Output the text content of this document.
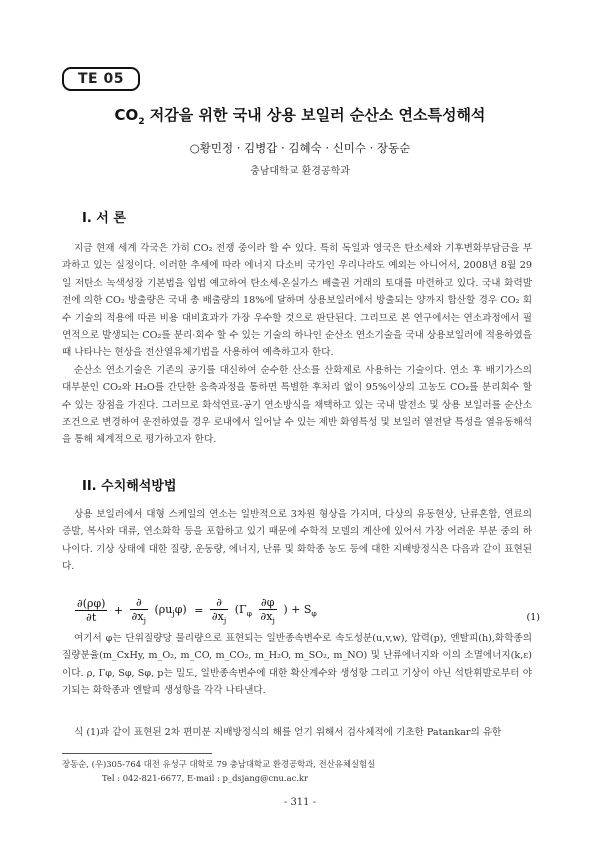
TE 05
$CO_2$ 저감을 위한 국내 상용 보일러 순산소 연소특성해석
○황민정 · 김병갑 · 김혜숙 · 신미수 · 장동순
충남대학교 환경공학과
I. 서 론

지금 현재 세계 각국은 가히 CO₂ 전쟁 중이라 할 수 있다. 특히 독일과 영국은 탄소세와 기후변화부담금을 부과하고 있는 실정이다. 이러한 추세에 따라 에너지 다소비 국가인 우리나라도 예외는 아니어서, 2008년 8월 29일 저탄소 녹색성장 기본법을 입법 예고하여 탄소세·온실가스 배출권 거래의 토대를 마련하고 있다. 국내 화력발전에 의한 CO₂ 방출량은 국내 총 배출량의 18%에 달하며 상용보일러에서 방출되는 양까지 합산할 경우 CO₂ 회수 기술의 적용에 따른 비용 대비효과가 가장 우수할 것으로 판단된다. 그리므로 본 연구에서는 연소과정에서 필연적으로 발생되는 CO₂를 분리·회수 할 수 있는 기술의 하나인 순산소 연소기술을 국내 상용보일러에 적용하였을 때 나타나는 현상을 전산열유체기법을 사용하여 예측하고자 한다.

순산소 연소기술은 기존의 공기를 대신하여 순수한 산소를 산화제로 사용하는 기술이다. 연소 후 배기가스의 대부분인 CO₂와 H₂O를 간단한 응축과정을 통하면 특별한 후처리 없이 95%이상의 고농도 CO₂를 분리회수 할 수 있는 장점을 가진다. 그러므로 화석연료-공기 연소방식을 채택하고 있는 국내 발전소 및 상용 보일러를 순산소 조건으로 변경하여 운전하였을 경우 로내에서 일어날 수 있는 제반 화염특성 및 보일러 열전달 특성을 열유동해석을 통해 체계적으로 평가하고자 한다.

II. 수치해석방법

상용 보일러에서 대형 스케일의 연소는 일반적으로 3차원 형상을 가지며, 다상의 유동현상, 난류혼합, 연료의 증발, 복사와 대류, 연소화학 등을 포함하고 있기 때문에 수학적 모델의 계산에 있어서 가장 어려운 부분 중의 하나이다. 기상 상태에 대한 질량, 운동량, 에너지, 난류 및 화학종 농도 등에 대한 지배방정식은 다음과 같이 표현된다.

$\frac{\partial(\rho\varphi)}{\partial t} + \frac{\partial}{\partial x_j} (\rho u_j\varphi) = \frac{\partial}{\partial x_j} (\Gamma_\varphi \frac{\partial\varphi}{\partial x_j}$ ) + $S_\varphi$	(1)

여기서 φ는 단위질량당 물리량으로 표현되는 일반종속변수로 속도성분(u,v,w), 압력(p), 엔탈피(h),화학종의 질량분율(m_CxHy, m_O₂, m_CO, m_CO₂, m_H₂O, m_SO₂, m_NO) 및 난류에너지와 이의 소멸에너지(k,ε)이다. ρ, Γφ, Sφ, Sφ, p는 밀도, 일반종속변수에 대한 확산계수와 생성항 그리고 기상이 아닌 석탄휘발로부터 야기되는 화학종과 엔탈피 생성항을 각각 나타낸다.

식 (1)과 같이 표현된 2차 편미분 지배방정식의 해를 얻기 위해서 검사체적에 기초한 Patankar의 유한

장동순, (우)305-764 대전 유성구 대학로 79 충남대학교 환경공학과, 전산유체실험실
Tel : 042-821-6677, E-mail : p_dsjang@cnu.ac.kr
- 311 -
